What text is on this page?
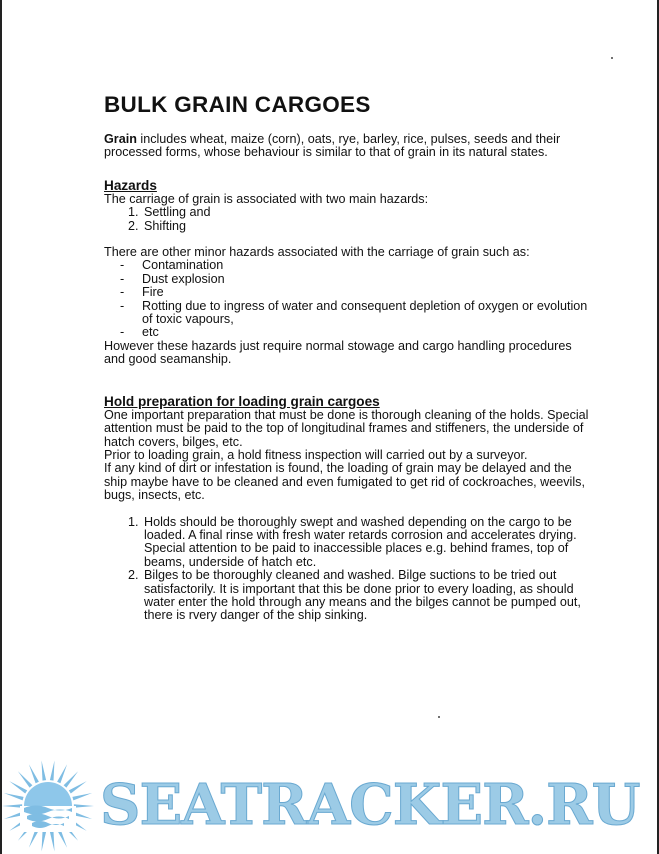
BULK GRAIN CARGOES

Grain includes wheat, maize (corn), oats, rye, barley, rice, pulses, seeds and their processed forms, whose behaviour is similar to that of grain in its natural states.

Hazards

The carriage of grain is associated with two main hazards:

1. Settling and
2. Shifting

There are other minor hazards associated with the carriage of grain such as:

- Contamination
- Dust explosion
- Fire
- Rotting due to ingress of water and consequent depletion of oxygen or evolution of toxic vapours,
- etc

However these hazards just require normal stowage and cargo handling procedures and good seamanship.

Hold preparation for loading grain cargoes

One important preparation that must be done is thorough cleaning of the holds. Special attention must be paid to the top of longitudinal frames and stiffeners, the underside of hatch covers, bilges, etc.

Prior to loading grain, a hold fitness inspection will carried out by a surveyor.

If any kind of dirt or infestation is found, the loading of grain may be delayed and the ship maybe have to be cleaned and even fumigated to get rid of cockroaches, weevils, bugs, insects, etc.

1. Holds should be thoroughly swept and washed depending on the cargo to be loaded. A final rinse with fresh water retards corrosion and accelerates drying. Special attention to be paid to inaccessible places e.g. behind frames, top of beams, underside of hatch etc.
2. Bilges to be thoroughly cleaned and washed. Bilge suctions to be tried out satisfactorily. It is important that this be done prior to every loading, as should water enter the hold through any means and the bilges cannot be pumped out, there is rvery danger of the ship sinking.
SEATRACKER.RU
